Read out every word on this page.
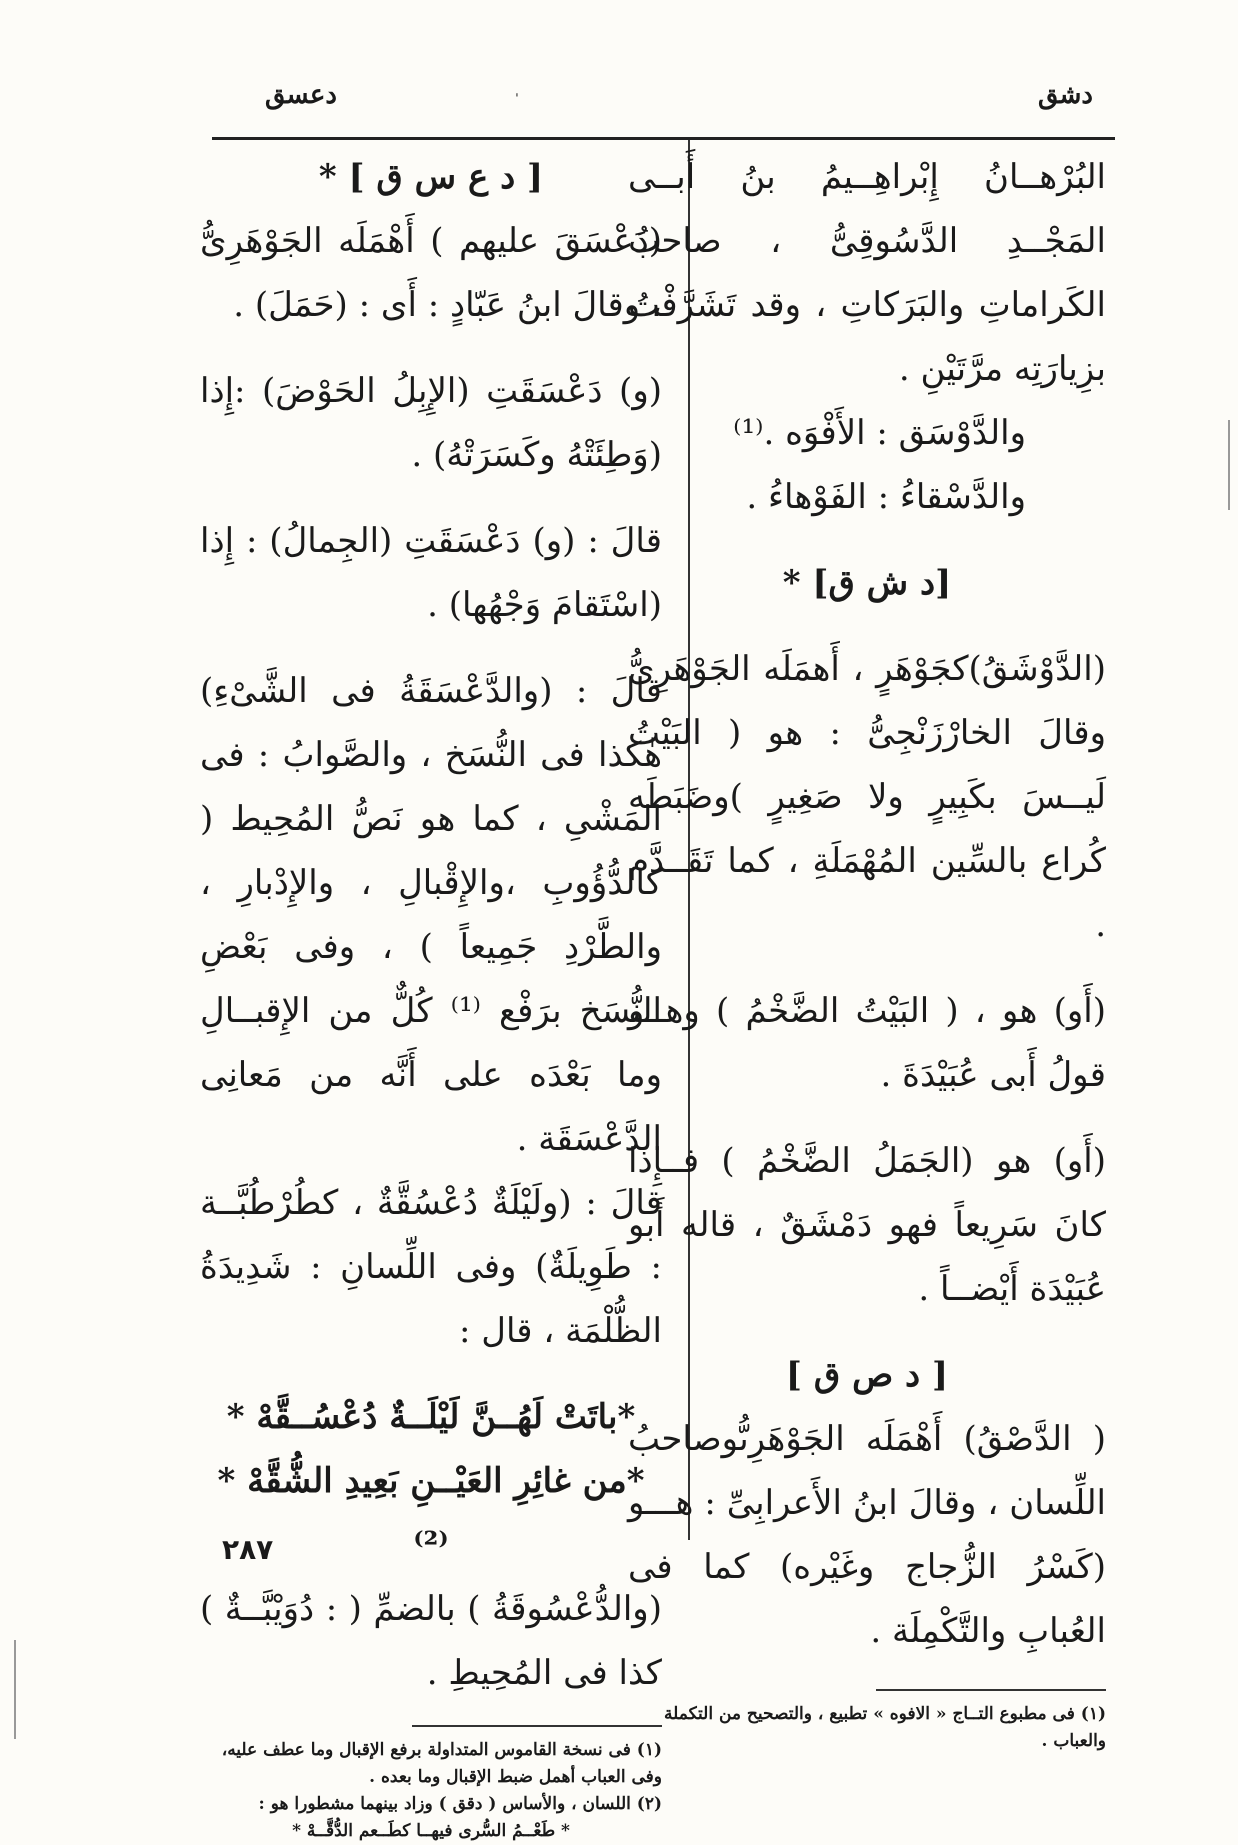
دشق
دعسق	ˈ

البُرْهــانُ إِبْراهِــيمُ بنُ أَبــى المَجْــدِ الدَّسُوقِىُّ ، صاحبُ الكَراماتِ والبَرَكاتِ ، وقد تَشَرَّفْتُ بزِيارَتِه مرَّتَيْنِ .

والدَّوْسَق : الأَفْوَه .⁽¹⁾

والدَّسْقاءُ : الفَوْهاءُ .

[د ش ق] *

(الدَّوْشَقُ)كجَوْهَرٍ ، أَهمَلَه الجَوْهَرِىُّ وقالَ الخارْزَنْجِىُّ : هو ( البَيْتُ لَيــسَ بكَبِيرٍ ولا صَغِيرٍ )وضَبَطَه كُراع بالسِّين المُهْمَلَةِ ، كما تَقَــدَّم .

(أَو) هو ، ( البَيْتُ الضَّخْمُ ) وهــو قولُ أَبى عُبَيْدَةَ .

(أَو) هو (الجَمَلُ الضَّخْمُ ) فــإِذا كانَ سَرِيعاً فهو دَمْشَقٌ ، قاله أَبو عُبَيْدَة أَيْضــاً .

[ د ص ق ]

( الدَّصْقُ) أَهْمَلَه الجَوْهَرِىُّوصاحبُ اللِّسان ، وقالَ ابنُ الأَعرابِىِّ : هـــو (كَسْرُ الزُّجاج وغَيْره) كما فى العُبابِ والتَّكْمِلَة .

(١) فى مطبوع التــاج « الافوه » تطبيع ، والتصحيح من التكملة والعباب .

[ د ع س ق ] *

(دَعْسَقَ عليهم ) أَهْمَلَه الجَوْهَرِىُّ ، وقالَ ابنُ عَبّادٍ : أَى : (حَمَلَ) .

(و) دَعْسَقَتِ (الإِبِلُ الحَوْضَ) :إِذا (وَطِئَتْهُ وكَسَرَتْهُ) .

قالَ : (و) دَعْسَقَتِ (الجِمالُ) : إِذا (اسْتَقامَ وَجْهُها) .

قالَ : (والدَّعْسَقَةُ فى الشَّىْءِ) هٰكذا فى النُّسَخ ، والصَّوابُ : فى المَشْىِ ، كما هو نَصُّ المُحِيط ( كالدُّؤُوبِ ،والإِقْبالِ ، والإِدْبارِ ، والطَّرْدِ جَمِيعاً ) ، وفى بَعْضِ النُّسَخ برَفْع ⁽¹⁾ كُلٌّ من الإِقبــالِ وما بَعْدَه على أَنَّه من مَعانِى الدَّعْسَقَة .

قالَ : (ولَيْلَةٌ دُعْسُقَّةٌ ، كطُرْطُبَّــة : طَوِيلَةٌ) وفى اللِّسانِ : شَدِيدَةُ الظُّلْمَة ، قال :

*باتَتْ لَهُــنَّ لَيْلَــةٌ دُعْسُــقَّهْ *

*من غائِرِ العَيْــنِ بَعِيدِ الشُّقَّهْ * ⁽²⁾

(والدُّعْسُوقَةُ ) بالضمِّ ( : دُوَيْبَّــةٌ ) كذا فى المُحِيطِ .

(١) فى نسخة القاموس المتداولة برفع الإقبال وما عطف عليه، وفى العباب أهمل ضبط الإقبال وما بعده .

(٢) اللسان ، والأساس ( دقق ) وزاد بينهما مشطورا هو :

* طَعْــمُ السُّرى فيهــا كطَــعم الدُّقَّــهْ *

٢٨٧
